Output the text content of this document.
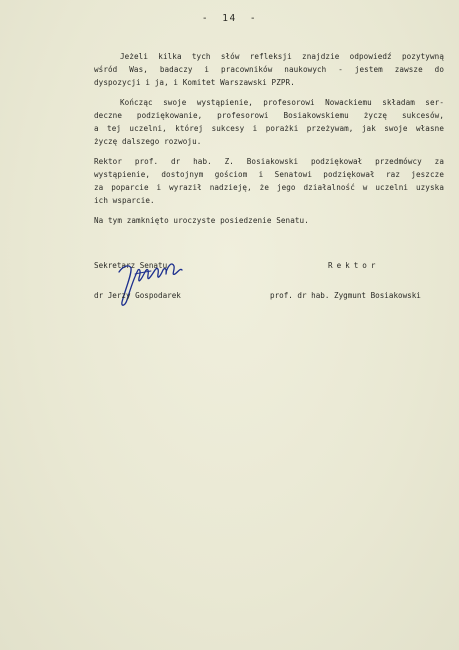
- 14 -
Jeżeli kilka tych słów refleksji znajdzie odpowiedź pozytywną
wśród Was, badaczy i pracowników naukowych - jestem zawsze do
dyspozycji i ja, i Komitet Warszawski PZPR.
Kończąc swoje wystąpienie, profesorowi Nowackiemu składam ser-
deczne podziękowanie, profesorowi Bosiakowskiemu życzę sukcesów,
a tej uczelni, której sukcesy i porażki przeżywam, jak swoje własne
życzę dalszego rozwoju.
Rektor prof. dr hab. Z. Bosiakowski podziękował przedmówcy za
wystąpienie, dostojnym gościom i Senatowi podziękował raz jeszcze
za poparcie i wyraził nadzieję, że jego działalność w uczelni uzyska
ich wsparcie.
Na tym zamknięto uroczyste posiedzenie Senatu.
Sekretarz Senatu	Rektor
dr Jerzy Gospodarek	prof. dr hab. Zygmunt Bosiakowski
